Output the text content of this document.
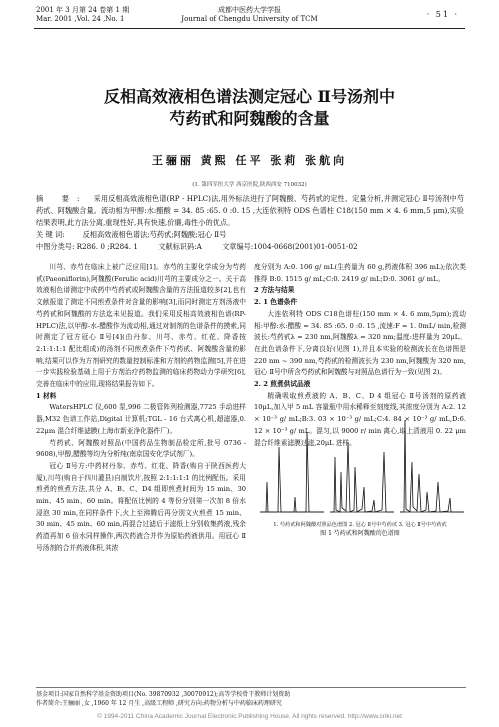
2001 年 3 月第 24 卷第 1 期
Mar. 2001 ,Vol. 24 ,No. 1
成都中医药大学学报
Journal of Chengdu University of TCM	· 51 ·
反相高效液相色谱法测定冠心 Ⅱ号汤剂中
芍药甙和阿魏酸的含量
王骊丽 黄熙 任平 张莉 张航向
(1. 第四军医大学 西京医院,陕西西安 710032)
摘 要: 采用反相高效液相色谱(RP - HPLC)法,用外标法进行了阿魏酸、芍药甙的定性、定量分析,并测定冠心 Ⅱ号汤剂中芍药甙、阿魏酸含量。流动相为甲醇:水:醋酸 = 34. 85 :65. 0 :0. 15 ,大连依利特 ODS 色谱柱 C18(150 mm × 4. 6 mm,5 μm),实验结果表明,此方法分离,重现性好,具有快速,价廉,毒性小的优点。
关 键 词:	反相高效液相色谱法;芍药甙;阿魏酸;冠心 Ⅱ号
中图分类号: R286. 0 ;R284. 1	文献标识码:A	文章编号:1004-0668(2001)01-0051-02

川芎、赤芍在临床上被广泛应用[1]。赤芍的主要化学成分为芍药甙(Paeoniflorin),阿魏酸(Ferulic acid)川芎的主要成分之一。关于高效液相色谱测定中成药中芍药甙或阿魏酸含量的方法报道较多[2],也有文献报道了测定不同煎煮条件对含量的影响[3],而同时测定方剂汤液中芍药甙和阿魏酸的方法迄未见报道。我们采用反相高效液相色谱(RP-HPLC)法,以甲醇-水-醋酸作为流动相,通过对制剂的色谱条件的摸索,同时测定了冠方冠心 Ⅱ号[4](由丹参、川芎、赤芍、红花、降香按 2:1:1:1:1 配比组成)的汤剂不同煎煮条件下芍药甙、阿魏酸含量的影响,结果可以作为方剂研究的数量控制标准和方剂的药物监测[5],并在进一步实践检验基础上用于方剂治疗药物监测的临床药物动力学研究[6],完善在临床中的应用,现将结果报告如下。

1 材料

WatersHPLC 仪,600 泵,996 二极管阵列检测器,7725 手动进样器,M32 色谱工作站,Digital 计算机;TGL - 16 台式离心机,超滤器,0. 22μm 混合纤维滤膜(上海市新亚净化器件厂)。

芍药甙、阿魏酸对照品(中国药品生物制品检定所,批号 0736 - 9608),甲醇,醋酸等均为分析纯(南京国安化学试剂厂)。

冠心 Ⅱ号方:中药材丹参、赤芍、红花、降香(购自于陕西医药大厦),川芎(购自于四川灌县)自制饮片,按照 2:1:1:1:1 的比例配伍。采用煎煮的煎煮方法,共分 A、B、C、D4 组即煎煮时间为 15 min、30 min、45 min、60 min。将配伍比例的 4 等份分别第一次加 8 倍水浸泡 30 min,在同样条件下,火上至沸腾后再分别文火煎煮 15 min、30 min、45 min、60 min,再混合过滤后于滤纸上分别收集药液,残余药渣再加 6 倍水同样操作,两次药液合并作为原始药液供用。用冠心 Ⅱ号汤剂的合并药液体积,其浓

度分别为 A:0. 106 g/ mL(生药量为 60 g,药液体积 396 mL);依次类推得 B:0. 1515 g/ mL;C:0. 2419 g/ mL;D:0. 3061 g/ mL。

2 方法与结果

2. 1 色谱条件

大连依利特 ODS C18色谱柱(150 mm × 4. 6 mm,5μm);流动相:甲醇:水:醋酸 = 34. 85 :65. 0 :0. 15 ,流速:F = 1. 0mL/ min,检测波长:芍药甙λ = 230 nm,阿魏酸λ = 320 nm;温度:进样量为 20μL。在此色谱条件下,分离良好(见图 1),并且本实验的检测波长在色谱图是 220 nm ~ 390 nm,芍药甙的检测波长为 230 nm,阿魏酸为 320 nm,冠心 Ⅱ号中所含芍药甙和阿魏酸与对照品色谱行为一致(见图 2)。

2. 2 煎煮供试品液

精确吸取煎煮液的 A、B、C、D 4 组冠心 Ⅱ号汤剂的原药液 10μL,加入甲 5 mL 容量瓶中用水稀释至刻度线,其浓度分别为 A:2. 12 × 10⁻³ g/ mL;B:3. 03 × 10⁻³ g/ mL;C:4. 84 × 10⁻³ g/ mL,D:6. 12 × 10⁻³ g/ mL。混匀,以 9000 r/ min 离心,取上清液用 0. 22 μm 混合纤维素滤膜过滤,20μL 进样。

1. 芍药甙和阿魏酸对照品色谱图 2. 冠心 Ⅱ号中芍药甙 3. 冠心 Ⅱ号中芍药甙
图 1 芍药甙和阿魏酸的色谱图
基金项目:国家自然科学基金资助项目(No. 39870932 ,30070912);高等学校骨干教师计划资助
作者简介:王骊丽 ,女 ,1960 年 12 月生 ,高级工程师 ,研究方向:药物分析与中药临床药理研究
© 1994-2011 China Academic Journal Electronic Publishing House. All rights reserved. http://www.cnki.net
